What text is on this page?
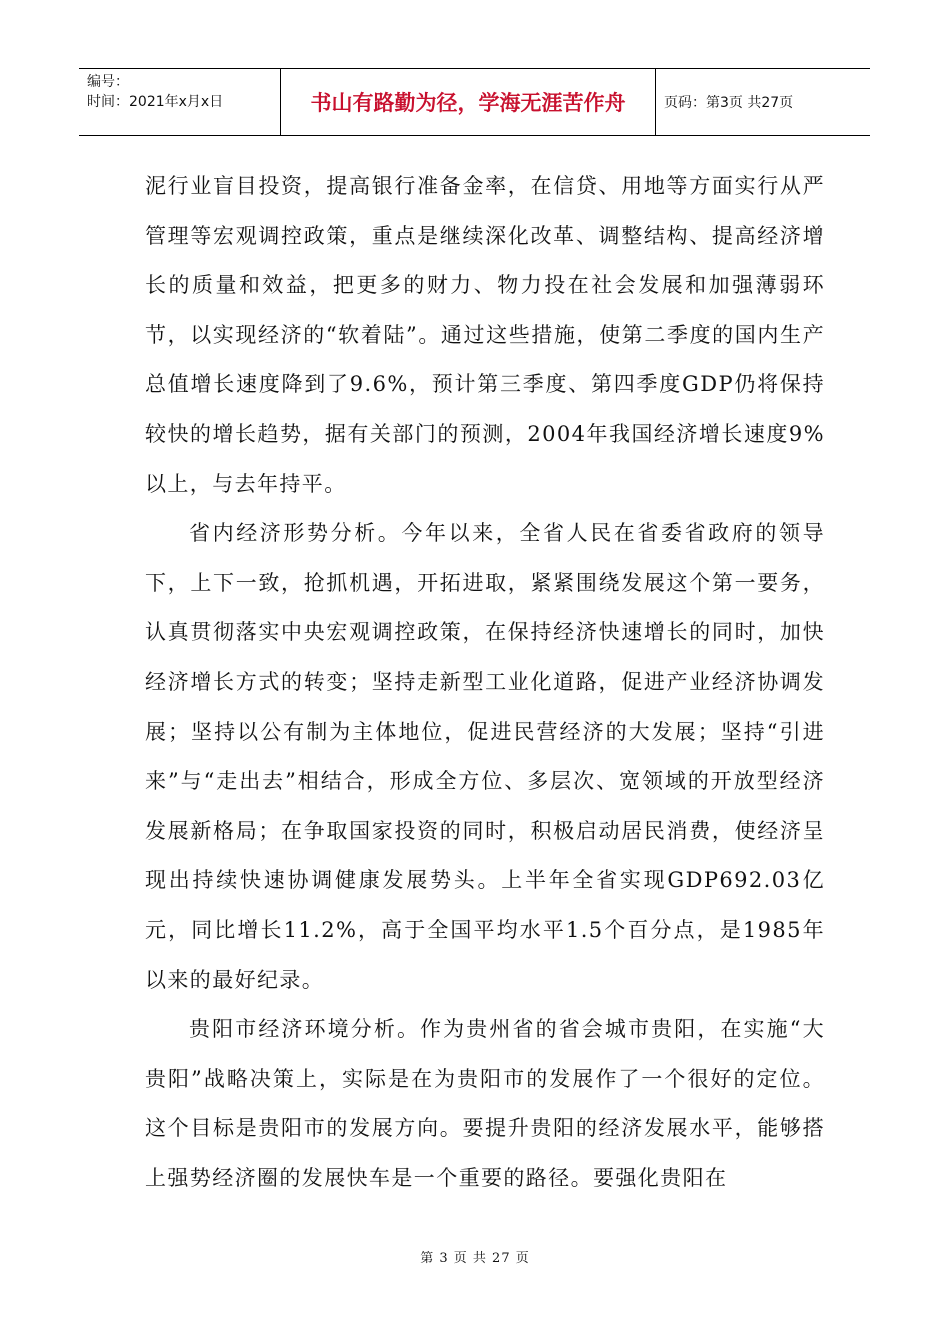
编号：
时间：2021年x月x日	书山有路勤为径，学海无涯苦作舟	页码：第3页 共27页

泥行业盲目投资，提高银行准备金率，在信贷、用地等方面实行从严管理等宏观调控政策，重点是继续深化改革、调整结构、提高经济增长的质量和效益，把更多的财力、物力投在社会发展和加强薄弱环节，以实现经济的“软着陆”。通过这些措施，使第二季度的国内生产总值增长速度降到了9.6%，预计第三季度、第四季度GDP仍将保持较快的增长趋势，据有关部门的预测，2004年我国经济增长速度9%以上，与去年持平。

省内经济形势分析。今年以来，全省人民在省委省政府的领导下，上下一致，抢抓机遇，开拓进取，紧紧围绕发展这个第一要务，认真贯彻落实中央宏观调控政策，在保持经济快速增长的同时，加快经济增长方式的转变；坚持走新型工业化道路，促进产业经济协调发展；坚持以公有制为主体地位，促进民营经济的大发展；坚持“引进来”与“走出去”相结合，形成全方位、多层次、宽领域的开放型经济发展新格局；在争取国家投资的同时，积极启动居民消费，使经济呈现出持续快速协调健康发展势头。上半年全省实现GDP692.03亿元，同比增长11.2%，高于全国平均水平1.5个百分点，是1985年以来的最好纪录。

贵阳市经济环境分析。作为贵州省的省会城市贵阳，在实施“大贵阳”战略决策上，实际是在为贵阳市的发展作了一个很好的定位。这个目标是贵阳市的发展方向。要提升贵阳的经济发展水平，能够搭上强势经济圈的发展快车是一个重要的路径。要强化贵阳在

第 3 页 共 27 页
